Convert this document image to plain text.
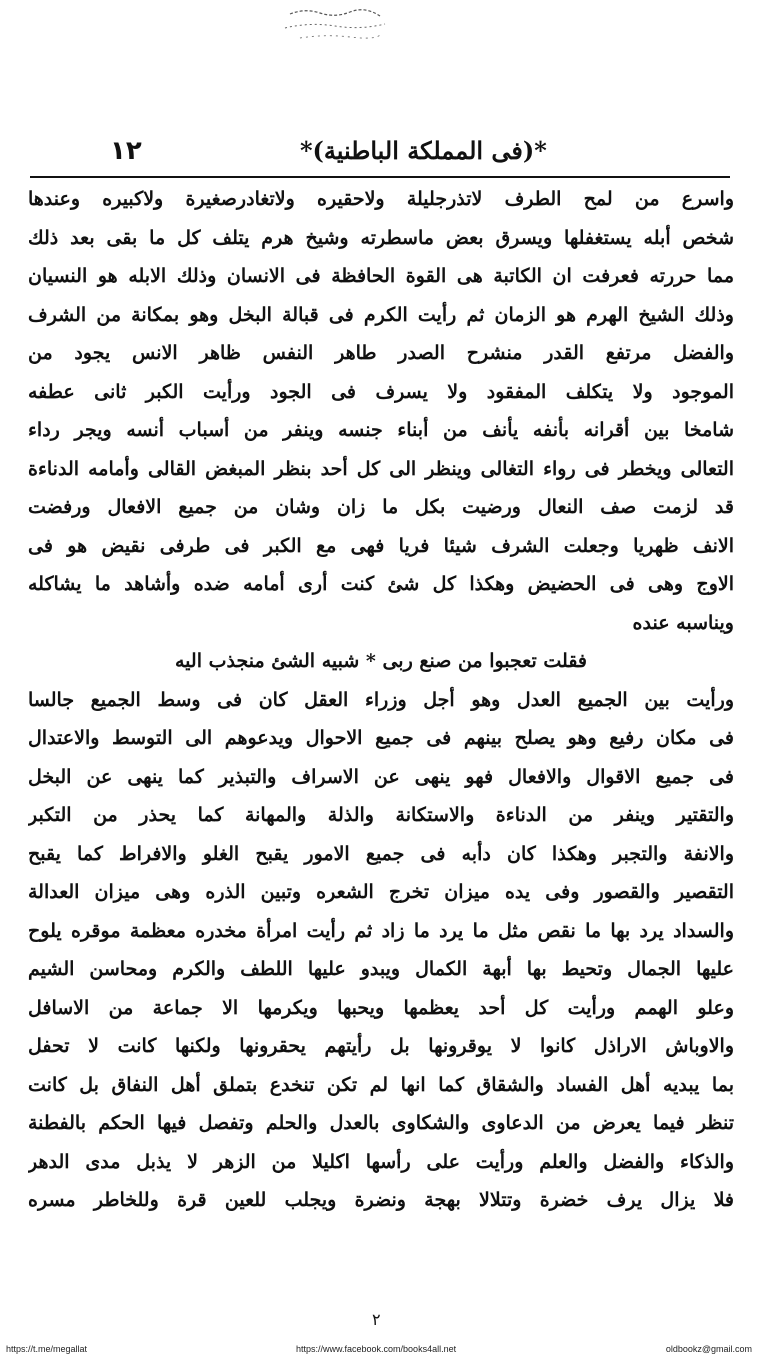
١٢	*(فى المملكة الباطنية)*
واسرع من لمح الطرف لاتذرجليلة ولاحقيره ولاتغادرصغيرة ولاكبيره وعندها
شخص أبله يستغفلها ويسرق بعض ماسطرته وشيخ هرم يتلف كل ما بقى بعد ذلك
مما حررته فعرفت ان الكاتبة هى القوة الحافظة فى الانسان وذلك الابله هو النسيان
وذلك الشيخ الهرم هو الزمان ثم رأيت الكرم فى قبالة البخل وهو بمكانة من الشرف
والفضل مرتفع القدر منشرح الصدر طاهر النفس ظاهر الانس يجود من
الموجود ولا يتكلف المفقود ولا يسرف فى الجود ورأيت الكبر ثانى عطفه
شامخا بين أقرانه بأنفه يأنف من أبناء جنسه وينفر من أسباب أنسه ويجر رداء
التعالى ويخطر فى رواء التغالى وينظر الى كل أحد بنظر المبغض القالى وأمامه الدناءة
قد لزمت صف النعال ورضيت بكل ما زان وشان من جميع الافعال ورفضت
الانف ظهريا وجعلت الشرف شيئا فريا فهى مع الكبر فى طرفى نقيض هو فى
الاوج وهى فى الحضيض وهكذا كل شئ كنت أرى أمامه ضده وأشاهد ما يشاكله
ويناسبه عنده
فقلت تعجبوا من صنع ربى * شبيه الشئ منجذب اليه
ورأيت بين الجميع العدل وهو أجل وزراء العقل كان فى وسط الجميع جالسا
فى مكان رفيع وهو يصلح بينهم فى جميع الاحوال ويدعوهم الى التوسط والاعتدال
فى جميع الاقوال والافعال فهو ينهى عن الاسراف والتبذير كما ينهى عن البخل
والتقتير وينفر من الدناءة والاستكانة والذلة والمهانة كما يحذر من التكبر
والانفة والتجبر وهكذا كان دأبه فى جميع الامور يقبح الغلو والافراط كما يقبح
التقصير والقصور وفى يده ميزان تخرج الشعره وتبين الذره وهى ميزان العدالة
والسداد يرد بها ما نقص مثل ما يرد ما زاد ثم رأيت امرأة مخدره معظمة موقره يلوح
عليها الجمال وتحيط بها أبهة الكمال ويبدو عليها اللطف والكرم ومحاسن الشيم
وعلو الهمم ورأيت كل أحد يعظمها ويحبها ويكرمها الا جماعة من الاسافل
والاوباش الاراذل كانوا لا يوقرونها بل رأيتهم يحقرونها ولكنها كانت لا تحفل
بما يبديه أهل الفساد والشقاق كما انها لم تكن تنخدع بتملق أهل النفاق بل كانت
تنظر فيما يعرض من الدعاوى والشكاوى بالعدل والحلم وتفصل فيها الحكم بالفطنة
والذكاء والفضل والعلم ورأيت على رأسها اكليلا من الزهر لا يذبل مدى الدهر
فلا يزال يرف خضرة وتتلالا بهجة ونضرة ويجلب للعين قرة وللخاطر مسره
٢
https://t.me/megallat	https://www.facebook.com/books4all.net	oldbookz@gmail.com
